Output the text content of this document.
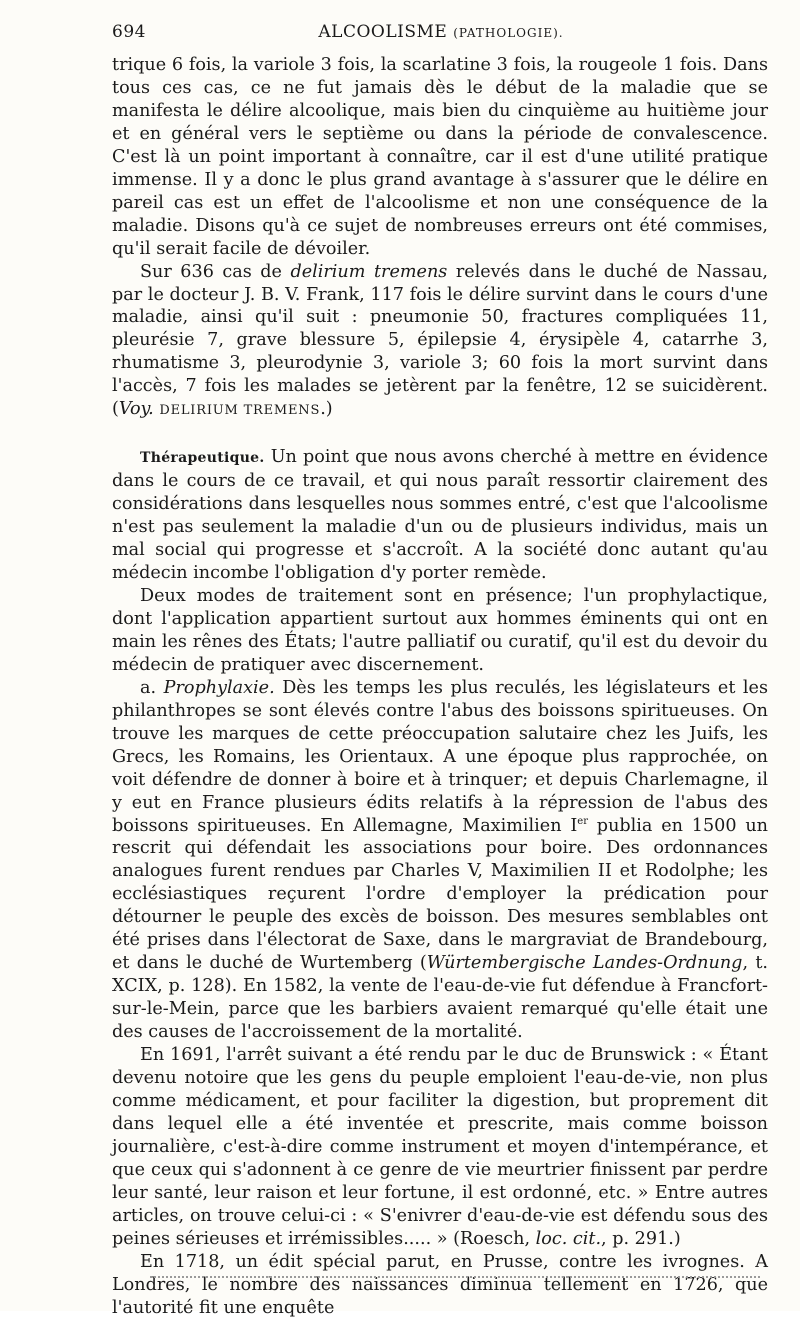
694	ALCOOLISME (PATHOLOGIE).

trique 6 fois, la variole 3 fois, la scarlatine 3 fois, la rougeole 1 fois. Dans tous ces cas, ce ne fut jamais dès le début de la maladie que se manifesta le délire alcoolique, mais bien du cinquième au huitième jour et en général vers le septième ou dans la période de convalescence. C'est là un point important à connaître, car il est d'une utilité pratique immense. Il y a donc le plus grand avantage à s'assurer que le délire en pareil cas est un effet de l'alcoolisme et non une conséquence de la maladie. Disons qu'à ce sujet de nombreuses erreurs ont été commises, qu'il serait facile de dévoiler.

Sur 636 cas de delirium tremens relevés dans le duché de Nassau, par le docteur J. B. V. Frank, 117 fois le délire survint dans le cours d'une maladie, ainsi qu'il suit : pneumonie 50, fractures compliquées 11, pleurésie 7, grave blessure 5, épilepsie 4, érysipèle 4, catarrhe 3, rhumatisme 3, pleurodynie 3, variole 3; 60 fois la mort survint dans l'accès, 7 fois les malades se jetèrent par la fenêtre, 12 se suicidèrent. (Voy. DELIRIUM TREMENS.)

Thérapeutique. Un point que nous avons cherché à mettre en évidence dans le cours de ce travail, et qui nous paraît ressortir clairement des considérations dans lesquelles nous sommes entré, c'est que l'alcoolisme n'est pas seulement la maladie d'un ou de plusieurs individus, mais un mal social qui progresse et s'accroît. A la société donc autant qu'au médecin incombe l'obligation d'y porter remède.

Deux modes de traitement sont en présence; l'un prophylactique, dont l'application appartient surtout aux hommes éminents qui ont en main les rênes des États; l'autre palliatif ou curatif, qu'il est du devoir du médecin de pratiquer avec discernement.

a. Prophylaxie. Dès les temps les plus reculés, les législateurs et les philanthropes se sont élevés contre l'abus des boissons spiritueuses. On trouve les marques de cette préoccupation salutaire chez les Juifs, les Grecs, les Romains, les Orientaux. A une époque plus rapprochée, on voit défendre de donner à boire et à trinquer; et depuis Charlemagne, il y eut en France plusieurs édits relatifs à la répression de l'abus des boissons spiritueuses. En Allemagne, Maximilien Ier publia en 1500 un rescrit qui défendait les associations pour boire. Des ordonnances analogues furent rendues par Charles V, Maximilien II et Rodolphe; les ecclésiastiques reçurent l'ordre d'employer la prédication pour détourner le peuple des excès de boisson. Des mesures semblables ont été prises dans l'électorat de Saxe, dans le margraviat de Brandebourg, et dans le duché de Wurtemberg (Würtembergische Landes-Ordnung, t. XCIX, p. 128). En 1582, la vente de l'eau-de-vie fut défendue à Francfort-sur-le-Mein, parce que les barbiers avaient remarqué qu'elle était une des causes de l'accroissement de la mortalité.

En 1691, l'arrêt suivant a été rendu par le duc de Brunswick : « Étant devenu notoire que les gens du peuple emploient l'eau-de-vie, non plus comme médicament, et pour faciliter la digestion, but proprement dit dans lequel elle a été inventée et prescrite, mais comme boisson journalière, c'est-à-dire comme instrument et moyen d'intempérance, et que ceux qui s'adonnent à ce genre de vie meurtrier finissent par perdre leur santé, leur raison et leur fortune, il est ordonné, etc. » Entre autres articles, on trouve celui-ci : « S'enivrer d'eau-de-vie est défendu sous des peines sérieuses et irrémissibles..... » (Roesch, loc. cit., p. 291.)

En 1718, un édit spécial parut, en Prusse, contre les ivrognes. A Londres, le nombre des naissances diminua tellement en 1726, que l'autorité fit une enquête
